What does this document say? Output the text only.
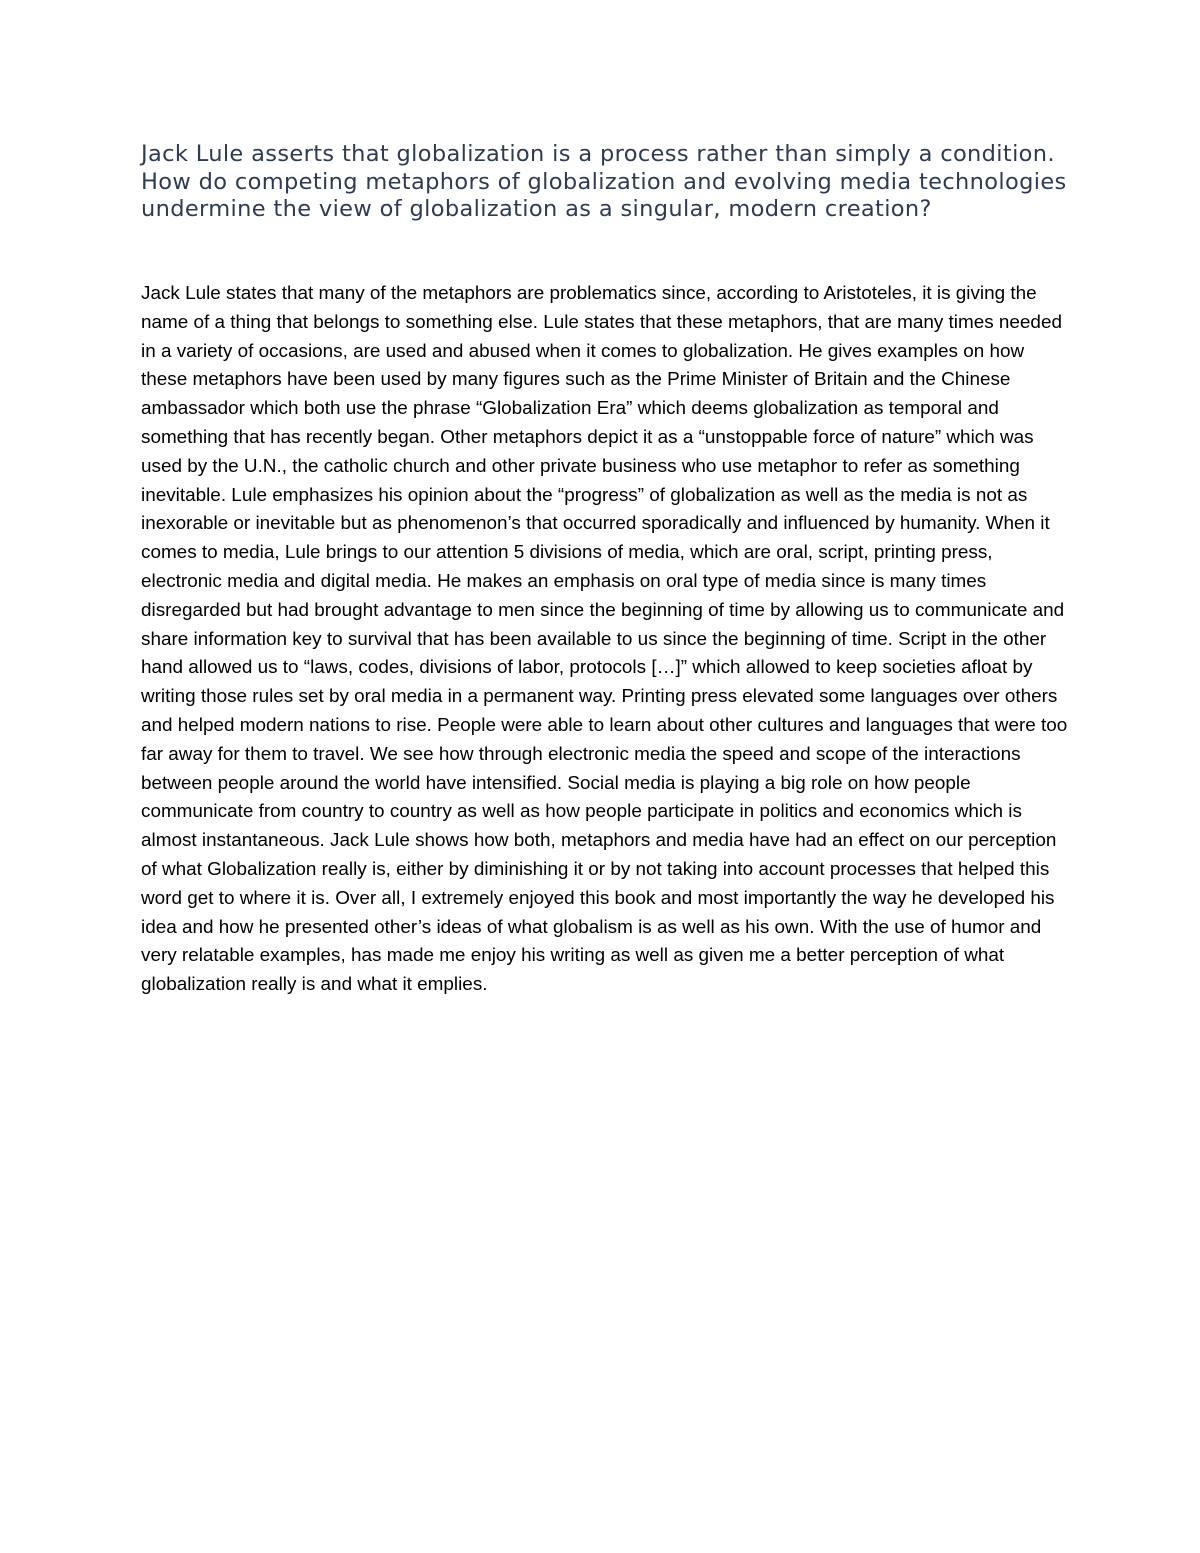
Jack Lule asserts that globalization is a process rather than simply a condition. How do competing metaphors of globalization and evolving media technologies undermine the view of globalization as a singular, modern creation?

Jack Lule states that many of the metaphors are problematics since, according to Aristoteles, it is giving the name of a thing that belongs to something else. Lule states that these metaphors, that are many times needed in a variety of occasions, are used and abused when it comes to globalization. He gives examples on how these metaphors have been used by many figures such as the Prime Minister of Britain and the Chinese ambassador which both use the phrase “Globalization Era” which deems globalization as temporal and something that has recently began. Other metaphors depict it as a “unstoppable force of nature” which was used by the U.N., the catholic church and other private business who use metaphor to refer as something inevitable. Lule emphasizes his opinion about the “progress” of globalization as well as the media is not as inexorable or inevitable but as phenomenon’s that occurred sporadically and influenced by humanity. When it comes to media, Lule brings to our attention 5 divisions of media, which are oral, script, printing press, electronic media and digital media. He makes an emphasis on oral type of media since is many times disregarded but had brought advantage to men since the beginning of time by allowing us to communicate and share information key to survival that has been available to us since the beginning of time. Script in the other hand allowed us to “laws, codes, divisions of labor, protocols […]” which allowed to keep societies afloat by writing those rules set by oral media in a permanent way. Printing press elevated some languages over others and helped modern nations to rise. People were able to learn about other cultures and languages that were too far away for them to travel. We see how through electronic media the speed and scope of the interactions between people around the world have intensified. Social media is playing a big role on how people communicate from country to country as well as how people participate in politics and economics which is almost instantaneous. Jack Lule shows how both, metaphors and media have had an effect on our perception of what Globalization really is, either by diminishing it or by not taking into account processes that helped this word get to where it is. Over all, I extremely enjoyed this book and most importantly the way he developed his idea and how he presented other’s ideas of what globalism is as well as his own. With the use of humor and very relatable examples, has made me enjoy his writing as well as given me a better perception of what globalization really is and what it emplies.
